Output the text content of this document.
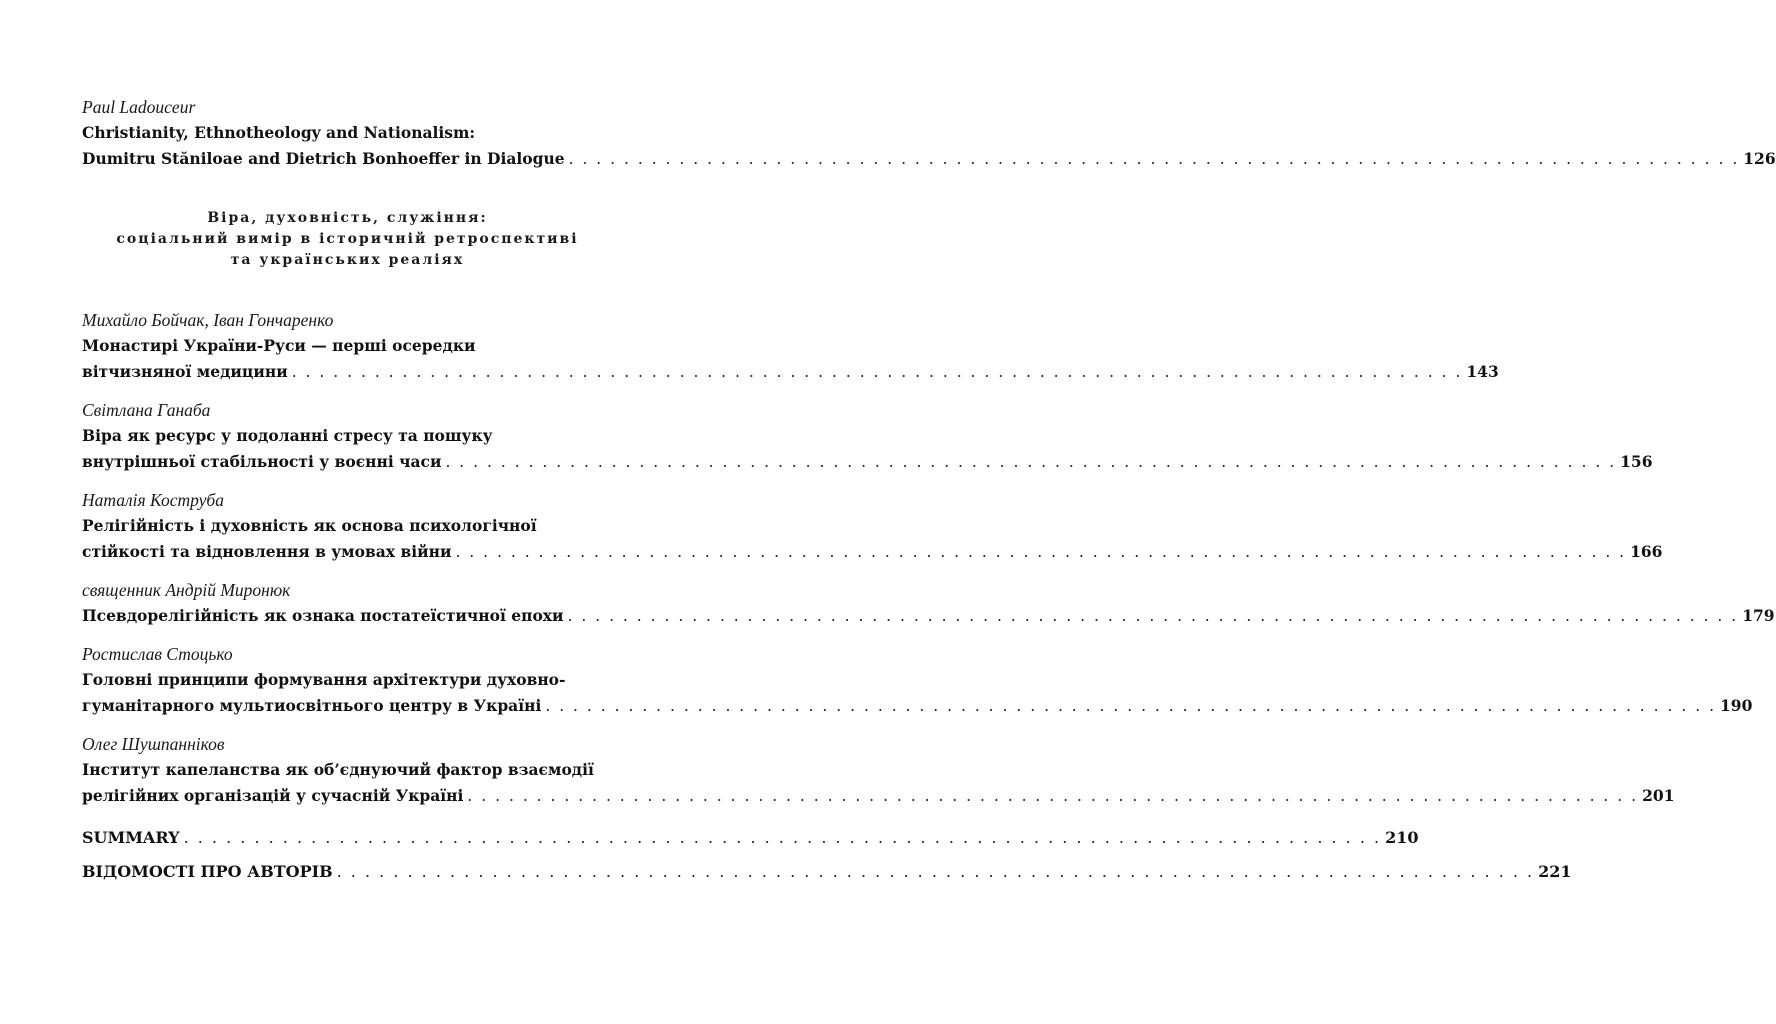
Paul Ladouceur
Christianity, Ethnotheology and Nationalism:
Dumitru Stăniloae and Dietrich Bonhoeffer in Dialogue . . . . . . . . . . . . . . . . . . . . . . . . . . . . . . . . . . . . . . . . . . . . . . . . . . . . . . . . . . . . . . . . . . . . . . . . . . . . . . . . . . . . . 126
Віра, духовність, служіння:
соціальний вимір в історичній ретроспективі
та українських реаліях
Михайло Бойчак, Іван Гончаренко
Монастирі України-Руси — перші осередки
вітчизняної медицини . . . . . . . . . . . . . . . . . . . . . . . . . . . . . . . . . . . . . . . . . . . . . . . . . . . . . . . . . . . . . . . . . . . . . . . . . . . . . . . . . . . . . 143
Світлана Ганаба
Віра як ресурс у подоланні стресу та пошуку
внутрішньої стабільності у воєнні часи . . . . . . . . . . . . . . . . . . . . . . . . . . . . . . . . . . . . . . . . . . . . . . . . . . . . . . . . . . . . . . . . . . . . . . . . . . . . . . . . . . . . . 156
Наталія Коструба
Релігійність і духовність як основа психологічної
стійкості та відновлення в умовах війни . . . . . . . . . . . . . . . . . . . . . . . . . . . . . . . . . . . . . . . . . . . . . . . . . . . . . . . . . . . . . . . . . . . . . . . . . . . . . . . . . . . . . 166
священник Андрій Миронюк
Псевдорелігійність як ознака постатеїстичної епохи . . . . . . . . . . . . . . . . . . . . . . . . . . . . . . . . . . . . . . . . . . . . . . . . . . . . . . . . . . . . . . . . . . . . . . . . . . . . . . . . . . . . . 179
Ростислав Стоцько
Головні принципи формування архітектури духовно-
гуманітарного мультиосвітнього центру в Україні . . . . . . . . . . . . . . . . . . . . . . . . . . . . . . . . . . . . . . . . . . . . . . . . . . . . . . . . . . . . . . . . . . . . . . . . . . . . . . . . . . . . . 190
Олег Шушпанніков
Інститут капеланства як об’єднуючий фактор взаємодії
релігійних організацій у сучасній Україні . . . . . . . . . . . . . . . . . . . . . . . . . . . . . . . . . . . . . . . . . . . . . . . . . . . . . . . . . . . . . . . . . . . . . . . . . . . . . . . . . . . . . 201
SUMMARY . . . . . . . . . . . . . . . . . . . . . . . . . . . . . . . . . . . . . . . . . . . . . . . . . . . . . . . . . . . . . . . . . . . . . . . . . . . . . . . . . . . . . 210
ВІДОМОСТІ ПРО АВТОРІВ . . . . . . . . . . . . . . . . . . . . . . . . . . . . . . . . . . . . . . . . . . . . . . . . . . . . . . . . . . . . . . . . . . . . . . . . . . . . . . . . . . . . . 221
